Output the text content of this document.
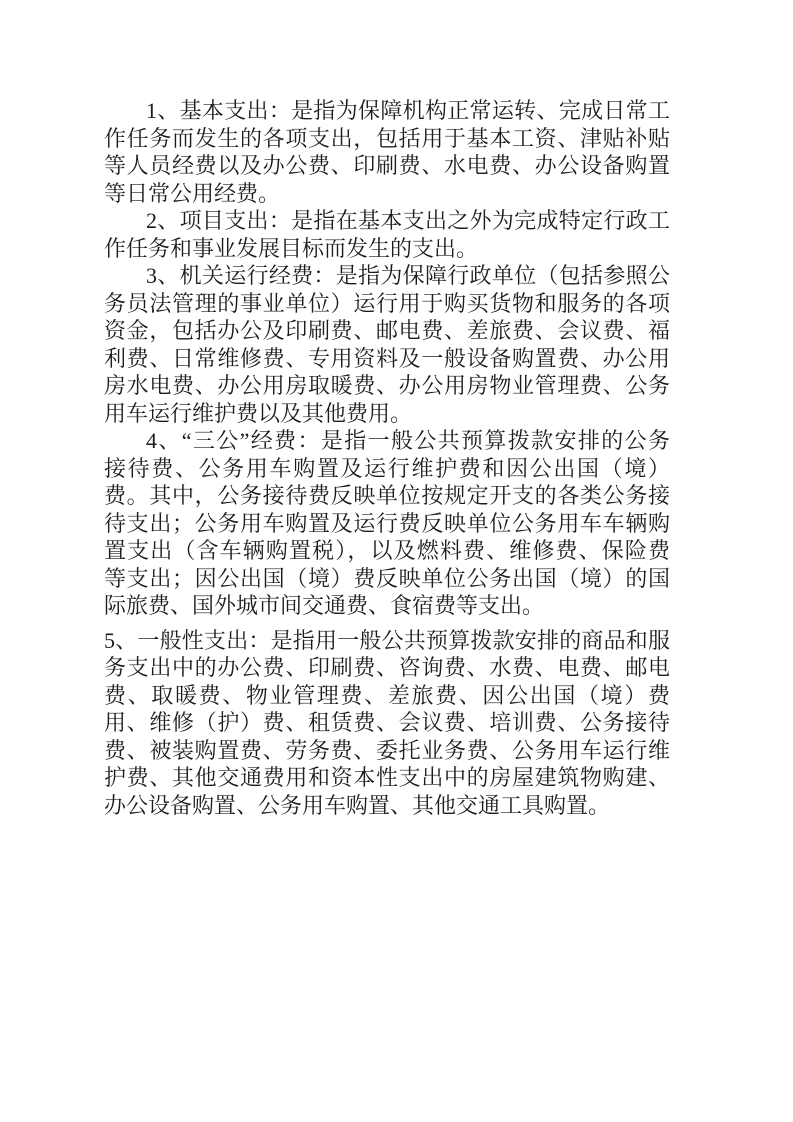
1、基本支出：是指为保障机构正常运转、完成日常工
作任务而发生的各项支出，包括用于基本工资、津贴补贴
等人员经费以及办公费、印刷费、水电费、办公设备购置
等日常公用经费。
2、项目支出：是指在基本支出之外为完成特定行政工
作任务和事业发展目标而发生的支出。
3、机关运行经费：是指为保障行政单位（包括参照公
务员法管理的事业单位）运行用于购买货物和服务的各项
资金，包括办公及印刷费、邮电费、差旅费、会议费、福
利费、日常维修费、专用资料及一般设备购置费、办公用
房水电费、办公用房取暖费、办公用房物业管理费、公务
用车运行维护费以及其他费用。
4、“三公”经费：是指一般公共预算拨款安排的公务
接待费、公务用车购置及运行维护费和因公出国（境）
费。其中，公务接待费反映单位按规定开支的各类公务接
待支出；公务用车购置及运行费反映单位公务用车车辆购
置支出（含车辆购置税），以及燃料费、维修费、保险费
等支出；因公出国（境）费反映单位公务出国（境）的国
际旅费、国外城市间交通费、食宿费等支出。
5、一般性支出：是指用一般公共预算拨款安排的商品和服
务支出中的办公费、印刷费、咨询费、水费、电费、邮电
费、取暖费、物业管理费、差旅费、因公出国（境）费
用、维修（护）费、租赁费、会议费、培训费、公务接待
费、被装购置费、劳务费、委托业务费、公务用车运行维
护费、其他交通费用和资本性支出中的房屋建筑物购建、
办公设备购置、公务用车购置、其他交通工具购置。
